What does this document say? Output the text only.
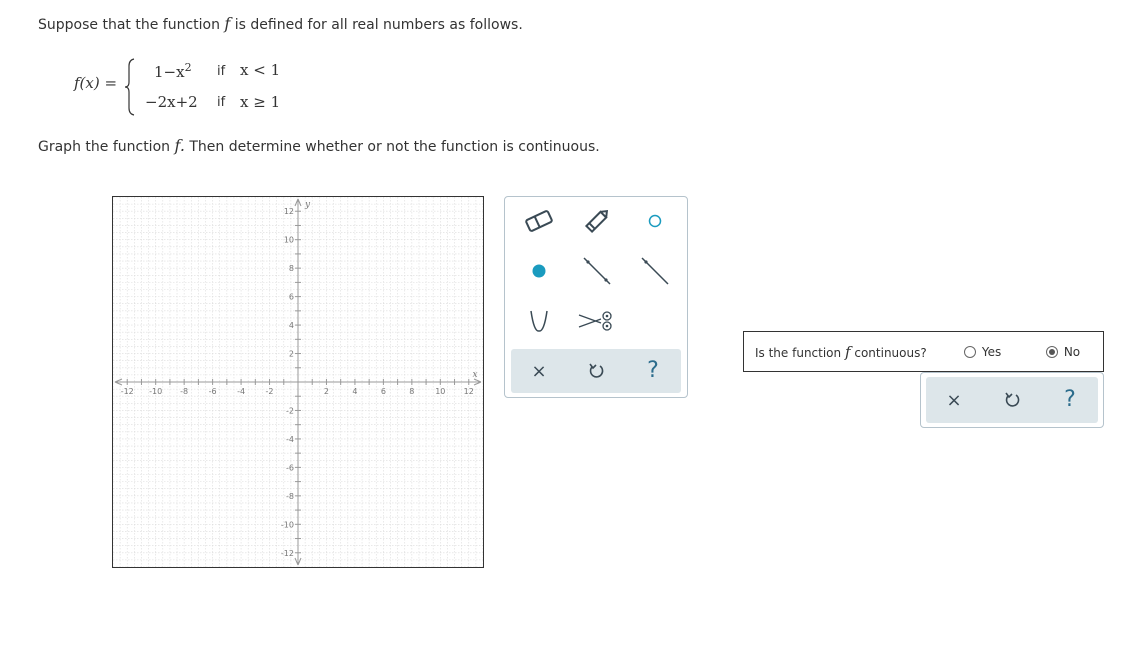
Suppose that the function f is defined for all real numbers as follows.
f(x) =
$1-x^2$ if x < 1
−2x+2 if x ≥ 1
Graph the function f. Then determine whether or not the function is continuous.
-12 -10 -8	-6	-4	-2	2	4	6	8	10 12
12
10
8
6
4
2
-2
-4
-6
-8
-10
-12
x
y
×	?
Is the function f continuous?	Yes	No
×	?
